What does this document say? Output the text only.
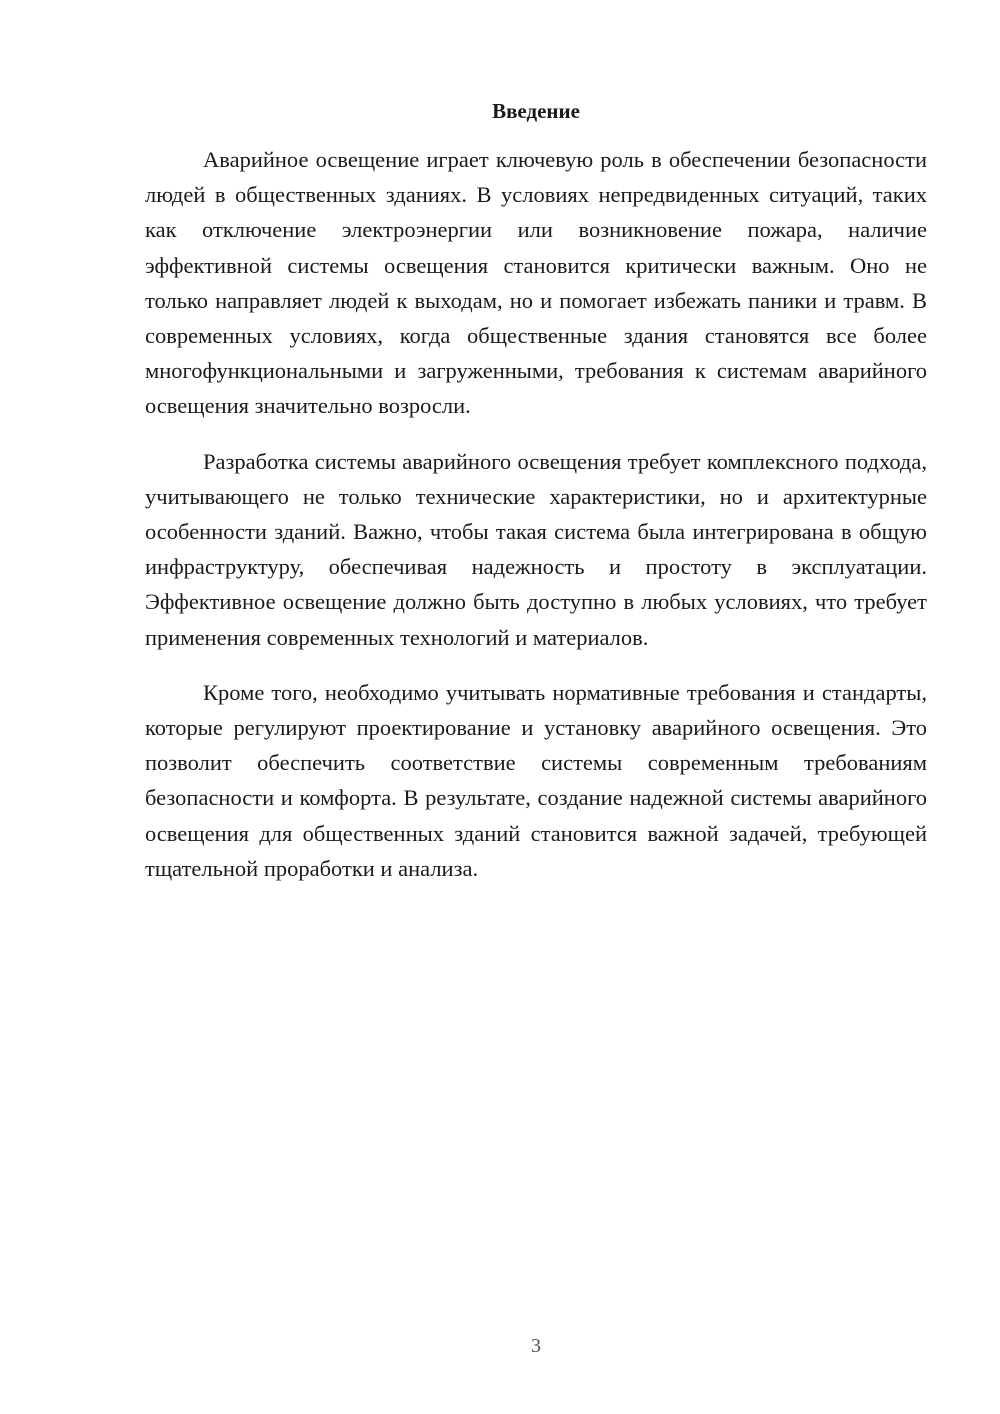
Введение

Аварийное освещение играет ключевую роль в обеспечении безопасности людей в общественных зданиях. В условиях непредвиденных ситуаций, таких как отключение электроэнергии или возникновение пожара, наличие эффективной системы освещения становится критически важным. Оно не только направляет людей к выходам, но и помогает избежать паники и травм. В современных условиях, когда общественные здания становятся все более многофункциональными и загруженными, требования к системам аварийного освещения значительно возросли.

Разработка системы аварийного освещения требует комплексного подхода, учитывающего не только технические характеристики, но и архитектурные особенности зданий. Важно, чтобы такая система была интегрирована в общую инфраструктуру, обеспечивая надежность и простоту в эксплуатации. Эффективное освещение должно быть доступно в любых условиях, что требует применения современных технологий и материалов.

Кроме того, необходимо учитывать нормативные требования и стандарты, которые регулируют проектирование и установку аварийного освещения. Это позволит обеспечить соответствие системы современным требованиям безопасности и комфорта. В результате, создание надежной системы аварийного освещения для общественных зданий становится важной задачей, требующей тщательной проработки и анализа.

3
